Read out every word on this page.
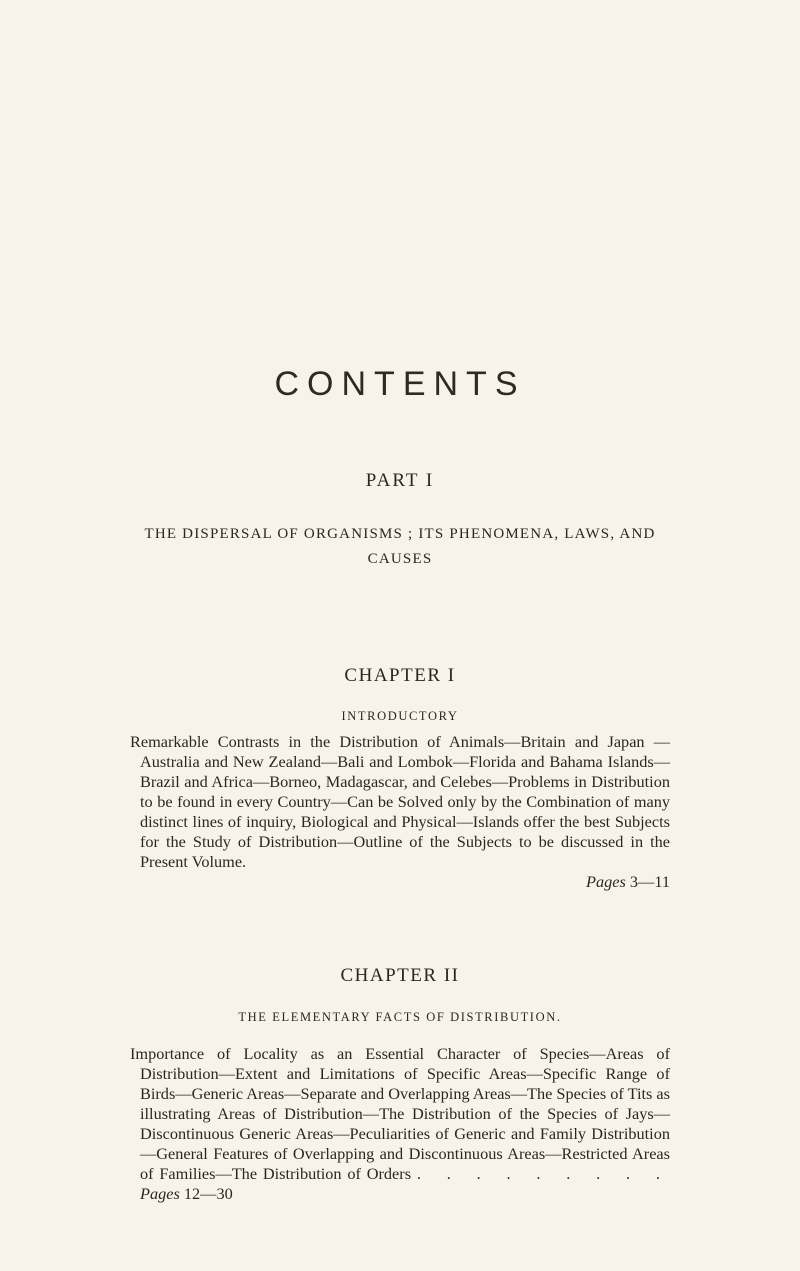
CONTENTS
PART I
THE DISPERSAL OF ORGANISMS ; ITS PHENOMENA, LAWS, AND CAUSES
CHAPTER I
INTRODUCTORY
Remarkable Contrasts in the Distribution of Animals—Britain and Japan —Australia and New Zealand—Bali and Lombok—Florida and Bahama Islands—Brazil and Africa—Borneo, Madagascar, and Celebes—Problems in Distribution to be found in every Country—Can be Solved only by the Combination of many distinct lines of inquiry, Biological and Physical—Islands offer the best Subjects for the Study of Distribution—Outline of the Subjects to be discussed in the Present Volume.
Pages 3—11
CHAPTER II
THE ELEMENTARY FACTS OF DISTRIBUTION.
Importance of Locality as an Essential Character of Species—Areas of Distribution—Extent and Limitations of Specific Areas—Specific Range of Birds—Generic Areas—Separate and Overlapping Areas—The Species of Tits as illustrating Areas of Distribution—The Distribution of the Species of Jays—Discontinuous Generic Areas—Peculiarities of Generic and Family Distribution—General Features of Overlapping and Discontinuous Areas—Restricted Areas of Families—The Distribution of Orders . . . . . . . . . Pages 12—30
